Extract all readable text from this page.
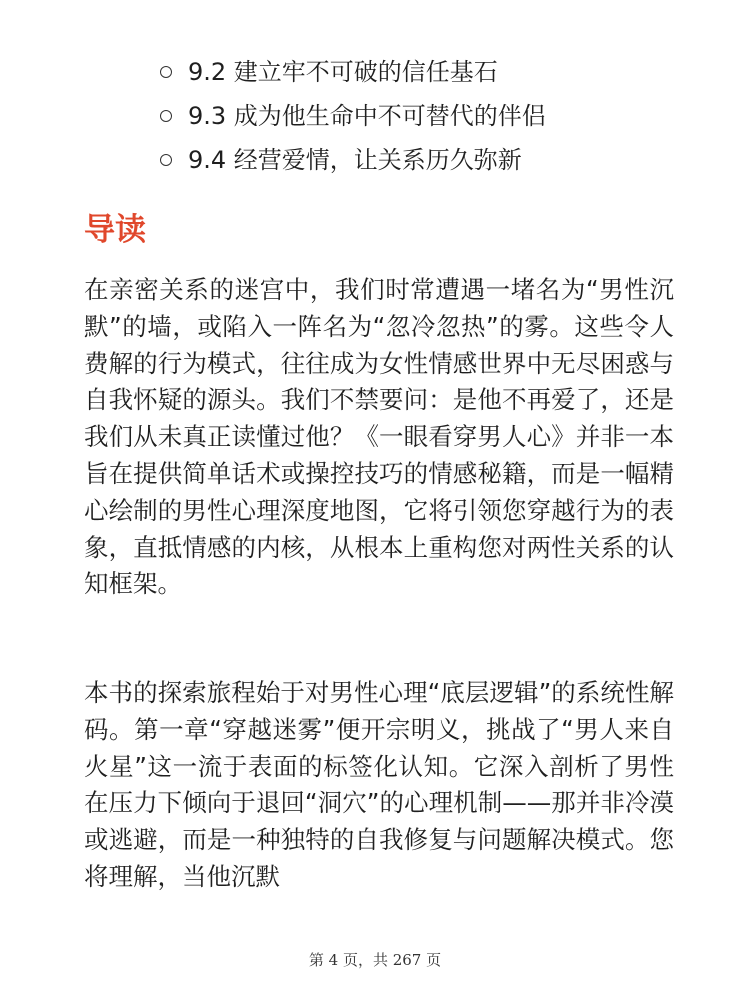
9.2 建立牢不可破的信任基石
9.3 成为他生命中不可替代的伴侣
9.4 经营爱情，让关系历久弥新
导读

在亲密关系的迷宫中，我们时常遭遇一堵名为“男性沉默”的墙，或陷入一阵名为“忽冷忽热”的雾。这些令人费解的行为模式，往往成为女性情感世界中无尽困惑与自我怀疑的源头。我们不禁要问：是他不再爱了，还是我们从未真正读懂过他？《一眼看穿男人心》并非一本旨在提供简单话术或操控技巧的情感秘籍，而是一幅精心绘制的男性心理深度地图，它将引领您穿越行为的表象，直抵情感的内核，从根本上重构您对两性关系的认知框架。

本书的探索旅程始于对男性心理“底层逻辑”的系统性解码。第一章“穿越迷雾”便开宗明义，挑战了“男人来自火星”这一流于表面的标签化认知。它深入剖析了男性在压力下倾向于退回“洞穴”的心理机制——那并非冷漠或逃避，而是一种独特的自我修复与问题解决模式。您将理解，当他沉默

第 4 页，共 267 页
